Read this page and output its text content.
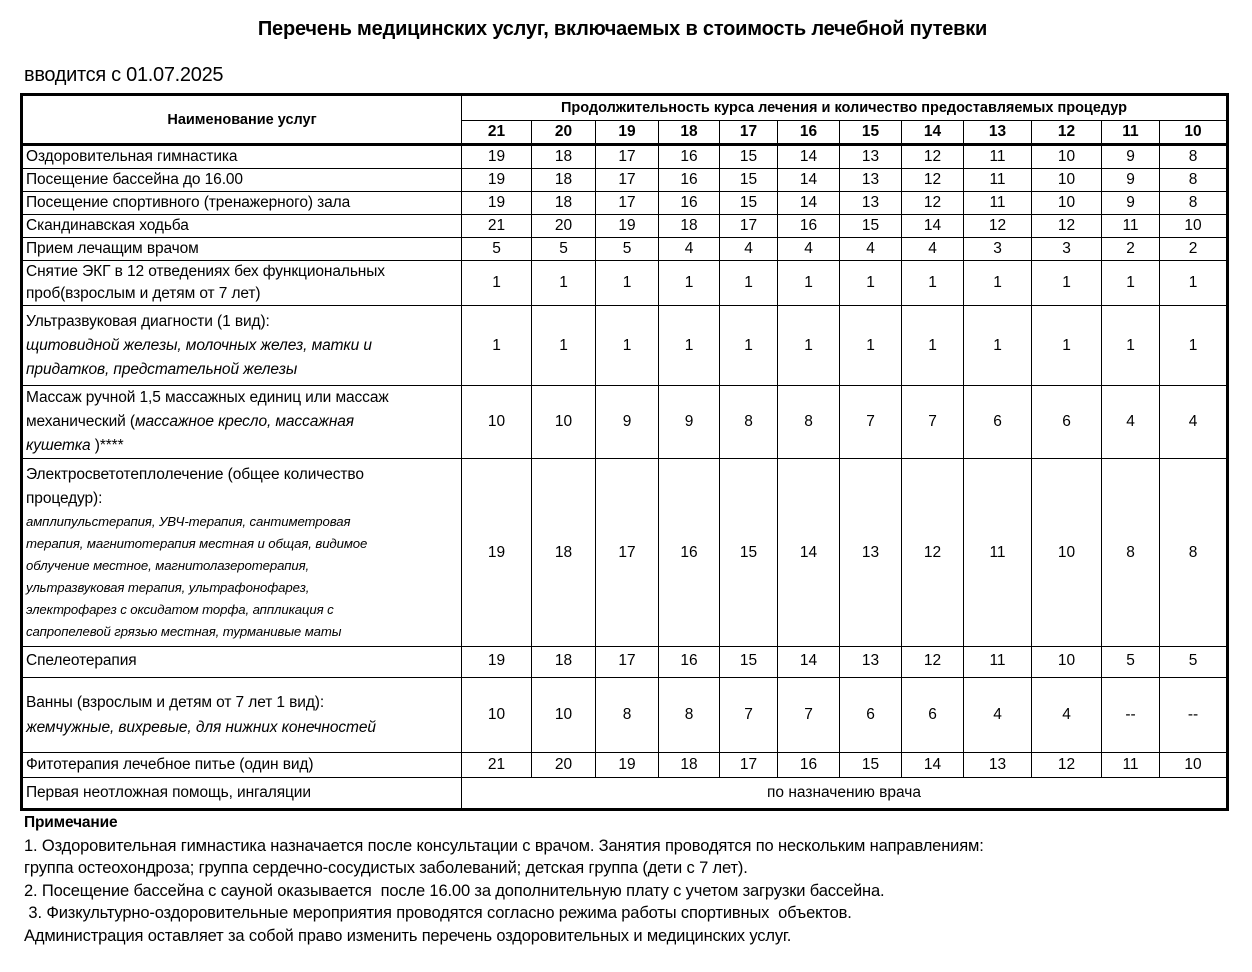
Перечень медицинских услуг, включаемых в стоимость лечебной путевки
вводится с 01.07.2025
Наименование услуг	Продолжительность курса лечения и количество предоставляемых процедур											
	21	20	19	18	17	16	15	14	13	12	11	10
Оздоровительная гимнастика	19	18	17	16	15	14	13	12	11	10	9	8
Посещение бассейна до 16.00	19	18	17	16	15	14	13	12	11	10	9	8
Посещение спортивного (тренажерного) зала	19	18	17	16	15	14	13	12	11	10	9	8
Скандинавская ходьба	21	20	19	18	17	16	15	14	12	12	11	10
Прием лечащим врачом	5	5	5	4	4	4	4	4	3	3	2	2

Снятие ЭКГ в 12 отведениях бех функциональных
проб(взрослым и детям от 7 лет)	1	1	1	1	1	1	1	1	1	1	1	1

Ультразвуковая диагности (1 вид):
щитовидной железы, молочных желез, матки и
придатков, предстательной железы	1	1	1	1	1	1	1	1	1	1	1	1

Массаж ручной 1,5 массажных единиц или массаж
механический (массажное кресло, массажная
кушетка )****	10	10	9	9	8	8	7	7	6	6	4	4

Электросветотеплолечение (общее количество
процедур):
амплипульстерапия, УВЧ-терапия, сантиметровая
терапия, магнитотерапия местная и общая, видимое
облучение местное, магнитолазеротерапия,
ультразвуковая терапия, ультрафонофарез,
электрофарез с оксидатом торфа, аппликация с
сапропелевой грязью местная, турманивые маты
	19	18	17	16	15	14	13	12	11	10	8	8
Спелеотерапия	19	18	17	16	15	14	13	12	11	10	5	5

Ванны (взрослым и детям от 7 лет 1 вид):
жемчужные, вихревые, для нижних конечностей	10	10	8	8	7	7	6	6	4	4	--	--
Фитотерапия лечебное питье (один вид)	21	20	19	18	17	16	15	14	13	12	11	10
Первая неотложная помощь, ингаляции	по назначению врача											
Примечание
1. Оздоровительная гимнастика назначается после консультации с врачом. Занятия проводятся по нескольким направлениям:
группа остеохондроза; группа сердечно-сосудистых заболеваний; детская группа (дети с 7 лет).
2. Посещение бассейна с сауной оказывается  после 16.00 за дополнительную плату с учетом загрузки бассейна.
3. Физкультурно-оздоровительные мероприятия проводятся согласно режима работы спортивных  объектов.
Администрация оставляет за собой право изменить перечень оздоровительных и медицинских услуг.
